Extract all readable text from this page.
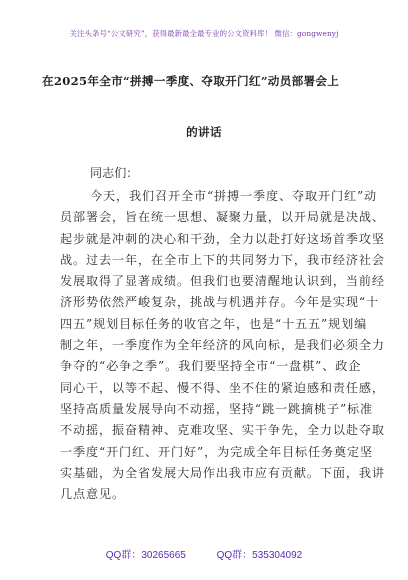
关注头条号“公文研究”，获得最新最全最专业的公文资料库！ 微信：gongwenyj
在2025年全市“拼搏一季度、夺取开门红”动员部署会上
的讲话
同志们：
今天，我们召开全市“拼搏一季度、夺取开门红”动
员部署会，旨在统一思想、凝聚力量，以开局就是决战、
起步就是冲刺的决心和干劲，全力以赴打好这场首季攻坚
战。过去一年，在全市上下的共同努力下，我市经济社会
发展取得了显著成绩。但我们也要清醒地认识到，当前经
济形势依然严峻复杂，挑战与机遇并存。今年是实现“十
四五”规划目标任务的收官之年，也是“十五五”规划编
制之年，一季度作为全年经济的风向标，是我们必须全力
争夺的“必争之季”。我们要坚持全市“一盘棋”、政企
同心干，以等不起、慢不得、坐不住的紧迫感和责任感，
坚持高质量发展导向不动摇，坚持“跳一跳摘桃子”标准
不动摇，振奋精神、克难攻坚、实干争先，全力以赴夺取
一季度“开门红、开门好”，为完成全年目标任务奠定坚
实基础，为全省发展大局作出我市应有贡献。下面，我讲
几点意见。
QQ群：30265665	QQ群：535304092
